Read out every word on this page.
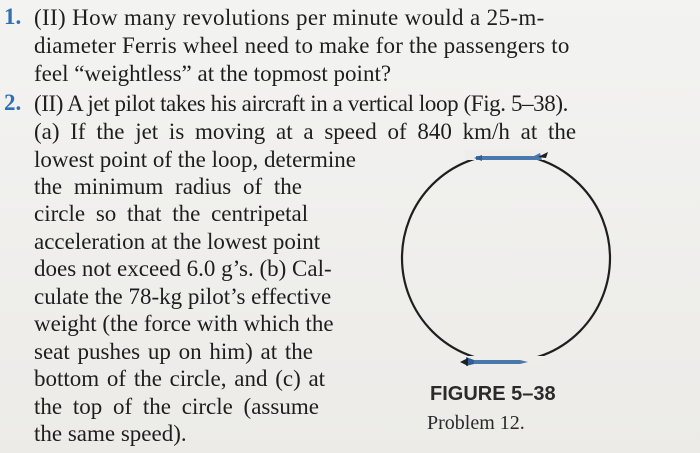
1. (II) How many revolutions per minute would a 25-m-
diameter Ferris wheel need to make for the passengers to
feel “weightless” at the topmost point?
2. (II) A jet pilot takes his aircraft in a vertical loop (Fig. 5–38).
(a) If the jet is moving at a speed of 840 km/h at the
lowest point of the loop, determine
the minimum radius of the
circle so that the centripetal
acceleration at the lowest point
does not exceed 6.0 g’s. (b) Cal-
culate the 78-kg pilot’s effective
weight (the force with which the
seat pushes up on him) at the
bottom of the circle, and (c) at
the top of the circle (assume
the same speed).
FIGURE 5–38
Problem 12.
